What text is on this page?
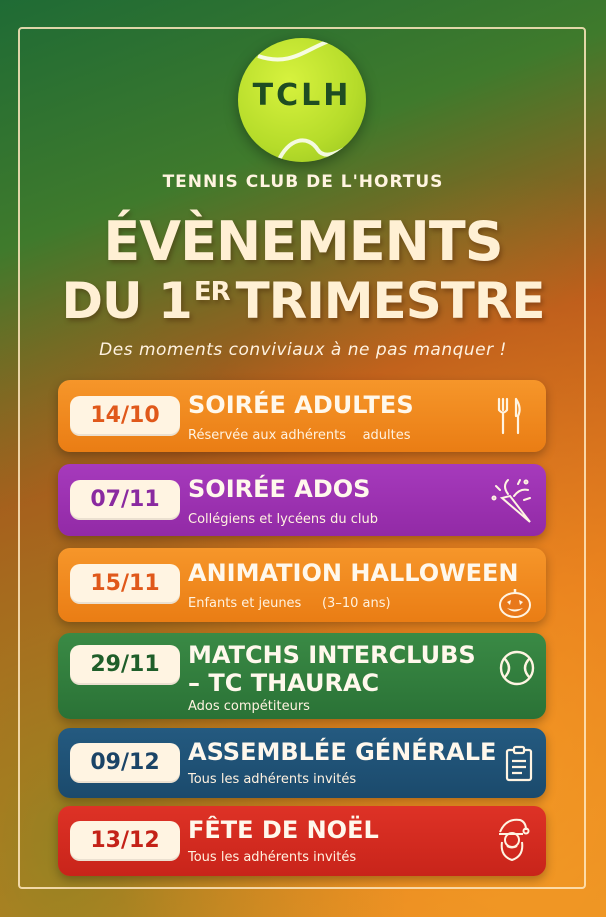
TCLH
TENNIS CLUB DE L'HORTUS
ÉVÈNEMENTS
DU 1ER TRIMESTRE
Des moments conviviaux à ne pas manquer !
14/10	SOIRÉE ADULTES
Réservée aux adhérents    adultes
07/11	SOIRÉE ADOS
Collégiens et lycéens du club
15/11	ANIMATION HALLOWEEN
Enfants et jeunes     (3–10 ans)
29/11	MATCHS INTERCLUBS
– TC THAURAC
Ados compétiteurs
09/12	ASSEMBLÉE GÉNÉRALE
Tous les adhérents invités
13/12	FÊTE DE NOËL
Tous les adhérents invités
